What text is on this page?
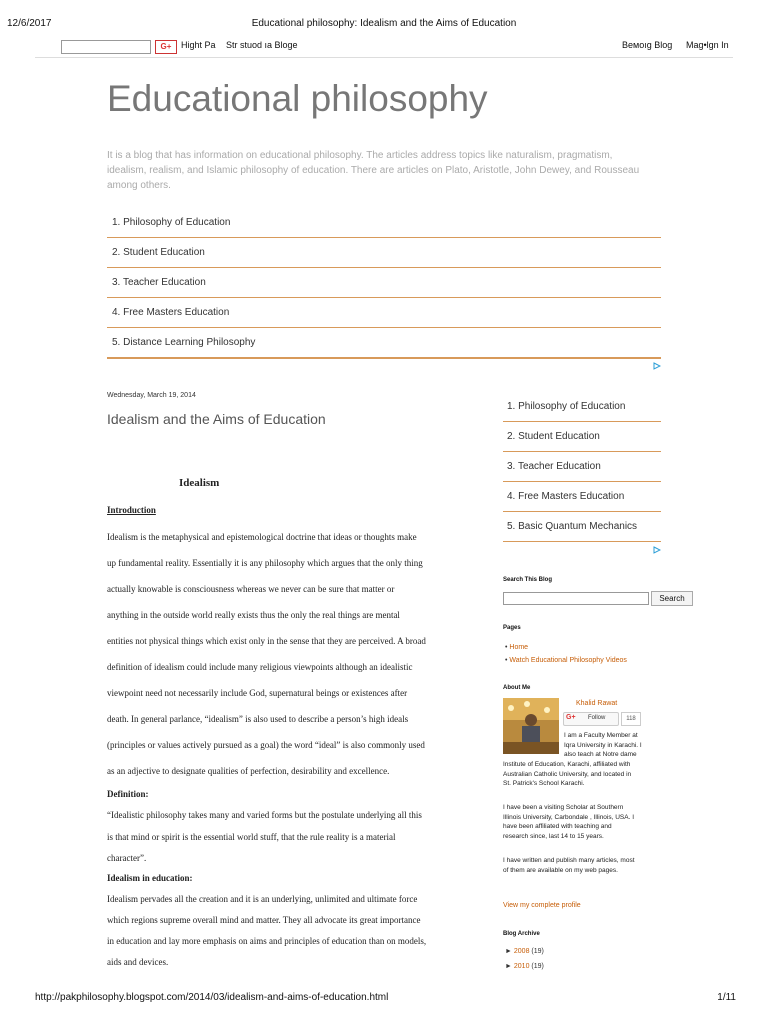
12/6/2017	Educational philosophy: Idealism and the Aims of Education
http://pakphilosophy.blogspot.com/2014/03/idealism-and-aims-of-education.html	1/11
G+	Hight Pa Str stuod ıa Bloge	Bемоıg Blog Mag•lgn In
Educational philosophy
It is a blog that has information on educational philosophy. The articles address topics like naturalism, pragmatism, idealism, realism, and Islamic philosophy of education. There are articles on Plato, Aristotle, John Dewey, and Rousseau among others.
1. Philosophy of Education
2. Student Education
3. Teacher Education
4. Free Masters Education
5. Distance Learning Philosophy
Wednesday, March 19, 2014
Idealism and the Aims of Education
Idealism
Introduction
Idealism is the metaphysical and epistemological doctrine that ideas or thoughts make
up fundamental reality. Essentially it is any philosophy which argues that the only thing
actually knowable is consciousness whereas we never can be sure that matter or
anything in the outside world really exists thus the only the real things are mental
entities not physical things which exist only in the sense that they are perceived. A broad
definition of idealism could include many religious viewpoints although an idealistic
viewpoint need not necessarily include God, supernatural beings or existences after
death. In general parlance, “idealism” is also used to describe a person’s high ideals
(principles or values actively pursued as a goal) the word “ideal” is also commonly used
as an adjective to designate qualities of perfection, desirability and excellence.
Definition:
“Idealistic philosophy takes many and varied forms but the postulate underlying all this
is that mind or spirit is the essential world stuff, that the rule reality is a material
character”.
Idealism in education:
Idealism pervades all the creation and it is an underlying, unlimited and ultimate force
which regions supreme overall mind and matter. They all advocate its great importance
in education and lay more emphasis on aims and principles of education than on models,
aids and devices.
1. Philosophy of Education
2. Student Education
3. Teacher Education
4. Free Masters Education
5. Basic Quantum Mechanics
Search This Blog
Search
Pages
• Home
• Watch Educational Philosophy Videos
About Me
Khalid Rawat
G+ Follow	118
I am a Faculty Member at
Iqra University in Karachi. I
also teach at Notre dame
Institute of Education, Karachi, affiliated with
Australian Catholic University, and located in
St. Patrick's School Karachi.
I have been a visiting Scholar at Southern
Illinois University, Carbondale , Illinois, USA. I
have been affiliated with teaching and
research since, last 14 to 15 years.
I have written and publish many articles, most
of them are available on my web pages.
View my complete profile
Blog Archive
► 2008 (19)
► 2010 (19)
